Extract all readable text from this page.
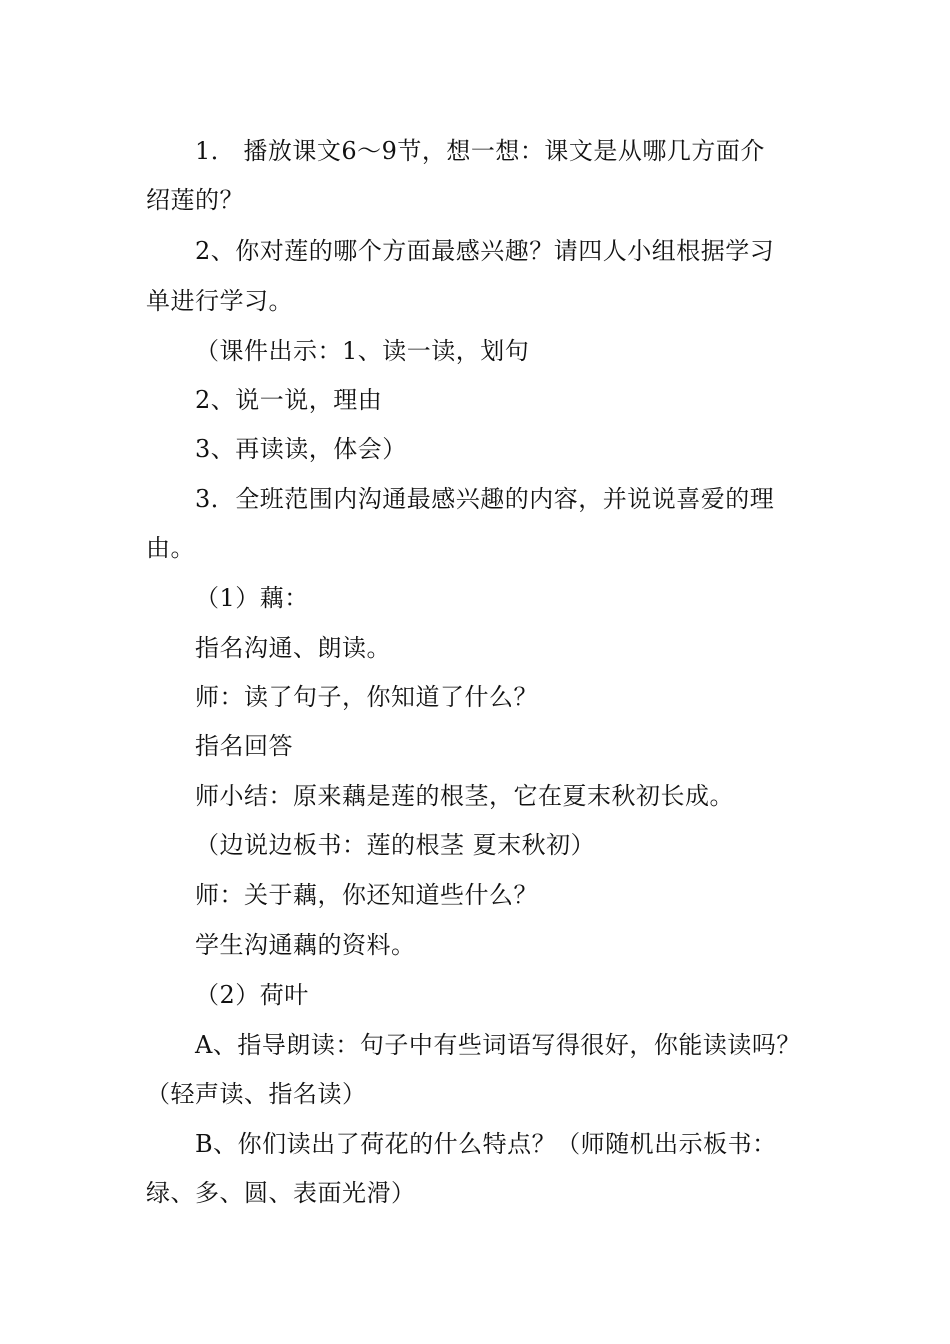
1． 播放课文6～9节，想一想：课文是从哪几方面介
绍莲的？
2、你对莲的哪个方面最感兴趣？请四人小组根据学习
单进行学习。
（课件出示：1、读一读，划句
2、说一说，理由
3、再读读，体会）
3．全班范围内沟通最感兴趣的内容，并说说喜爱的理
由。
（1）藕：
指名沟通、朗读。
师：读了句子，你知道了什么？
指名回答
师小结：原来藕是莲的根茎，它在夏末秋初长成。
（边说边板书：莲的根茎 夏末秋初）
师：关于藕，你还知道些什么？
学生沟通藕的资料。
（2）荷叶
A、指导朗读：句子中有些词语写得很好，你能读读吗？
（轻声读、指名读）
B、你们读出了荷花的什么特点？（师随机出示板书：
绿、多、圆、表面光滑）
